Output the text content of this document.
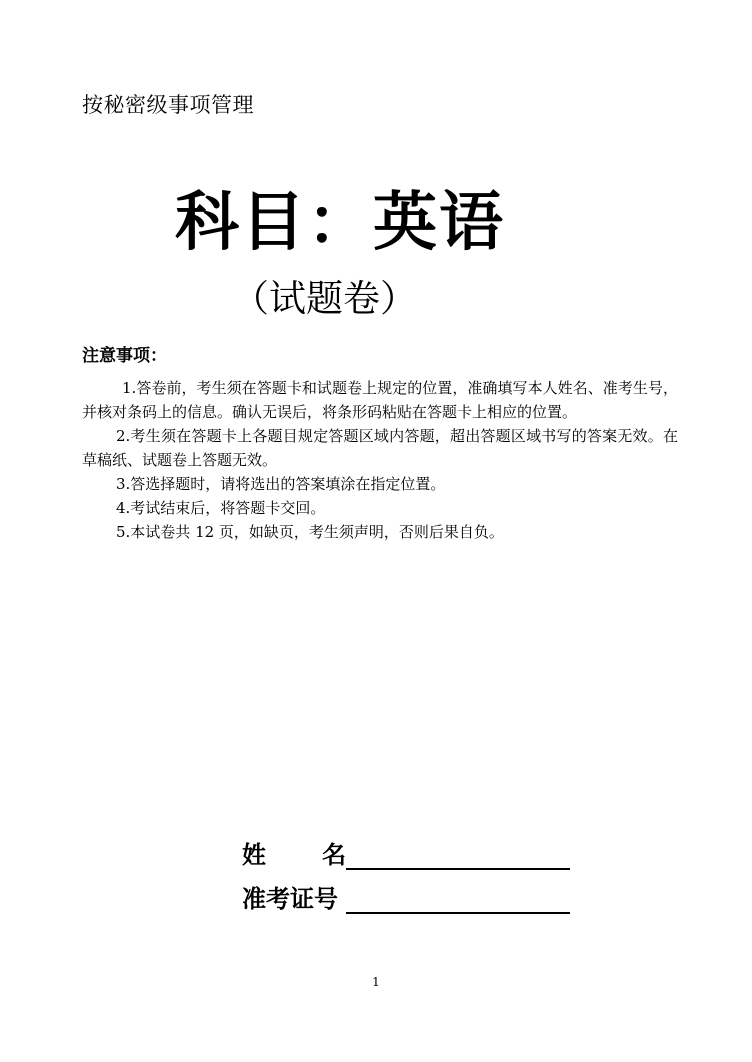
按秘密级事项管理
科目：英语
（试题卷）
注意事项：
1.答卷前，考生须在答题卡和试题卷上规定的位置，准确填写本人姓名、准考生号，并核对条码上的信息。确认无误后，将条形码粘贴在答题卡上相应的位置。
2.考生须在答题卡上各题目规定答题区域内答题，超出答题区域书写的答案无效。在草稿纸、试题卷上答题无效。
3.答选择题时，请将选出的答案填涂在指定位置。
4.考试结束后，将答题卡交回。
5.本试卷共 12 页，如缺页，考生须声明，否则后果自负。
姓 名
准考证号
1
